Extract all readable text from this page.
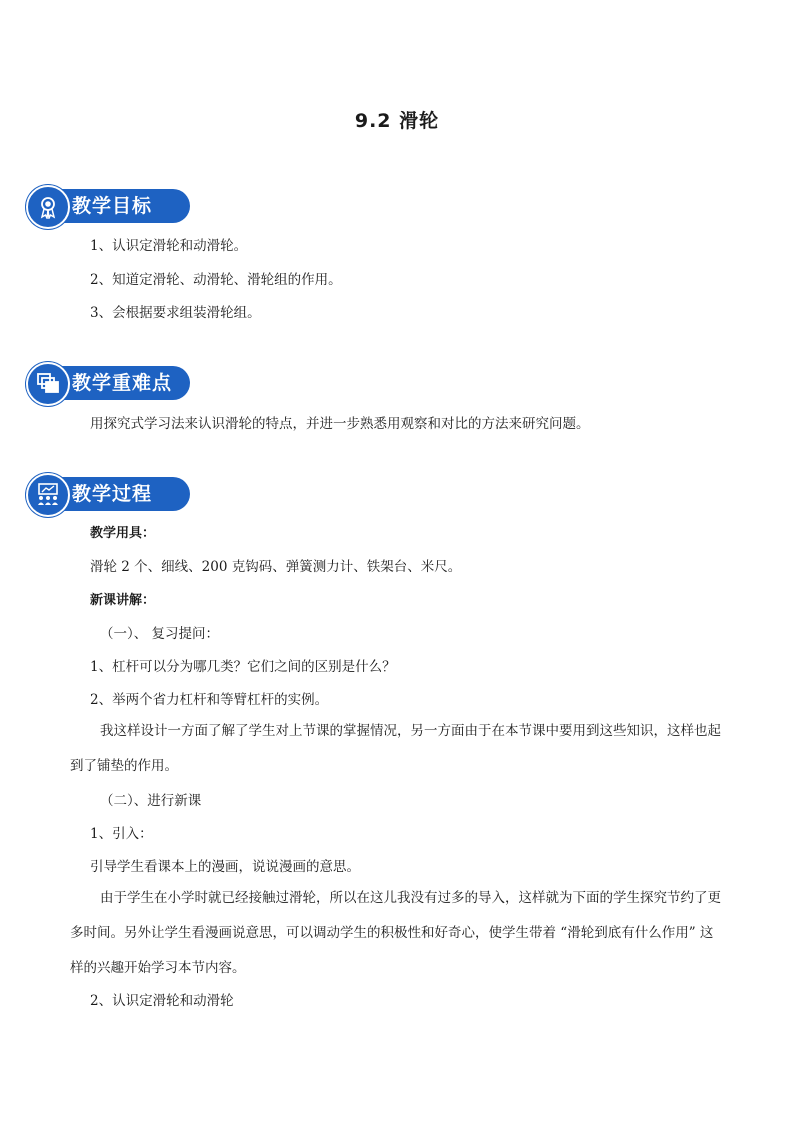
9.2 滑轮
教学目标
1、认识定滑轮和动滑轮。
2、知道定滑轮、动滑轮、滑轮组的作用。
3、会根据要求组装滑轮组。
教学重难点
用探究式学习法来认识滑轮的特点，并进一步熟悉用观察和对比的方法来研究问题。
教学过程
教学用具：
滑轮 2 个、细线、200 克钩码、弹簧测力计、铁架台、米尺。
新课讲解：
（一）、 复习提问：
1、杠杆可以分为哪几类？它们之间的区别是什么？
2、举两个省力杠杆和等臂杠杆的实例。
我这样设计一方面了解了学生对上节课的掌握情况，另一方面由于在本节课中要用到这些知识，这样也起到了铺垫的作用。
（二）、进行新课
1、引入：
引导学生看课本上的漫画，说说漫画的意思。
由于学生在小学时就已经接触过滑轮，所以在这儿我没有过多的导入，这样就为下面的学生探究节约了更多时间。另外让学生看漫画说意思，可以调动学生的积极性和好奇心，使学生带着 “滑轮到底有什么作用” 这样的兴趣开始学习本节内容。
2、认识定滑轮和动滑轮
